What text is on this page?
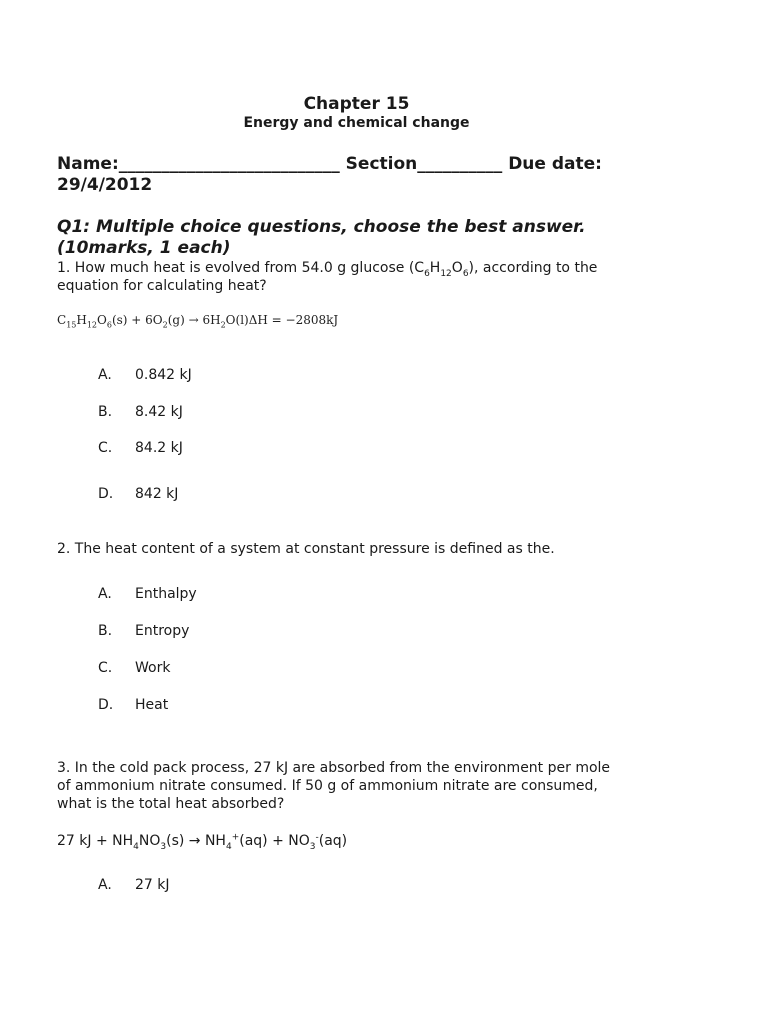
Chapter 15
Energy and chemical change
Name:__________________________ Section__________ Due date:
29/4/2012
Q1: Multiple choice questions, choose the best answer.
(10marks, 1 each)
1. How much heat is evolved from 54.0 g glucose $(C_6H_{12}O_6)$, according to the
equation for calculating heat?
$C_{15}H_{12}O_6(s) + 6O_2(g) \to 6H_2O(l)\Delta H = -2808kJ$
A.	0.842 kJ
B.	8.42 kJ
C.	84.2 kJ
D.	842 kJ
2. The heat content of a system at constant pressure is defined as the.
A.	Enthalpy
B.	Entropy
C.	Work
D.	Heat
3. In the cold pack process, 27 kJ are absorbed from the environment per mole
of ammonium nitrate consumed. If 50 g of ammonium nitrate are consumed,
what is the total heat absorbed?
27 kJ + $NH_4NO_3(s) \to NH_4^+(aq) + NO_3^-(aq)$
A.	27 kJ
